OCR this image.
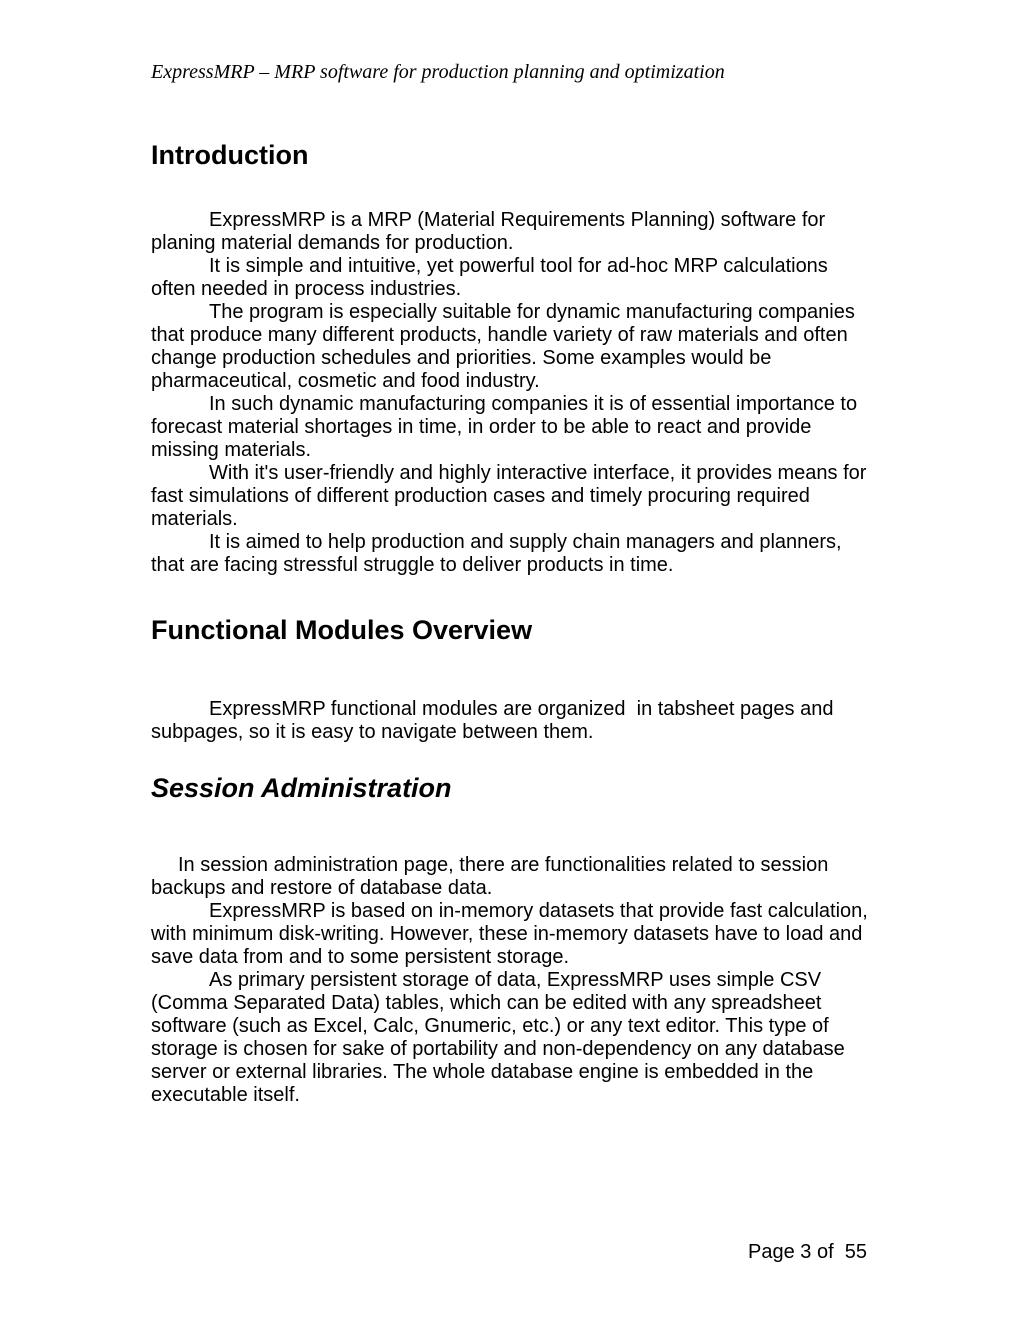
ExpressMRP – MRP software for production planning and optimization
Introduction

ExpressMRP is a MRP (Material Requirements Planning) software for planing material demands for production.

It is simple and intuitive, yet powerful tool for ad-hoc MRP calculations often needed in process industries.

The program is especially suitable for dynamic manufacturing companies that produce many different products, handle variety of raw materials and often change production schedules and priorities. Some examples would be pharmaceutical, cosmetic and food industry.

In such dynamic manufacturing companies it is of essential importance to forecast material shortages in time, in order to be able to react and provide missing materials.

With it's user-friendly and highly interactive interface, it provides means for fast simulations of different production cases and timely procuring required materials.

It is aimed to help production and supply chain managers and planners, that are facing stressful struggle to deliver products in time.

Functional Modules Overview

ExpressMRP functional modules are organized  in tabsheet pages and subpages, so it is easy to navigate between them.

Session Administration

In session administration page, there are functionalities related to session backups and restore of database data.

ExpressMRP is based on in-memory datasets that provide fast calculation, with minimum disk-writing. However, these in-memory datasets have to load and save data from and to some persistent storage.

As primary persistent storage of data, ExpressMRP uses simple CSV (Comma Separated Data) tables, which can be edited with any spreadsheet software (such as Excel, Calc, Gnumeric, etc.) or any text editor. This type of storage is chosen for sake of portability and non-dependency on any database server or external libraries. The whole database engine is embedded in the executable itself.

Page 3 of  55
